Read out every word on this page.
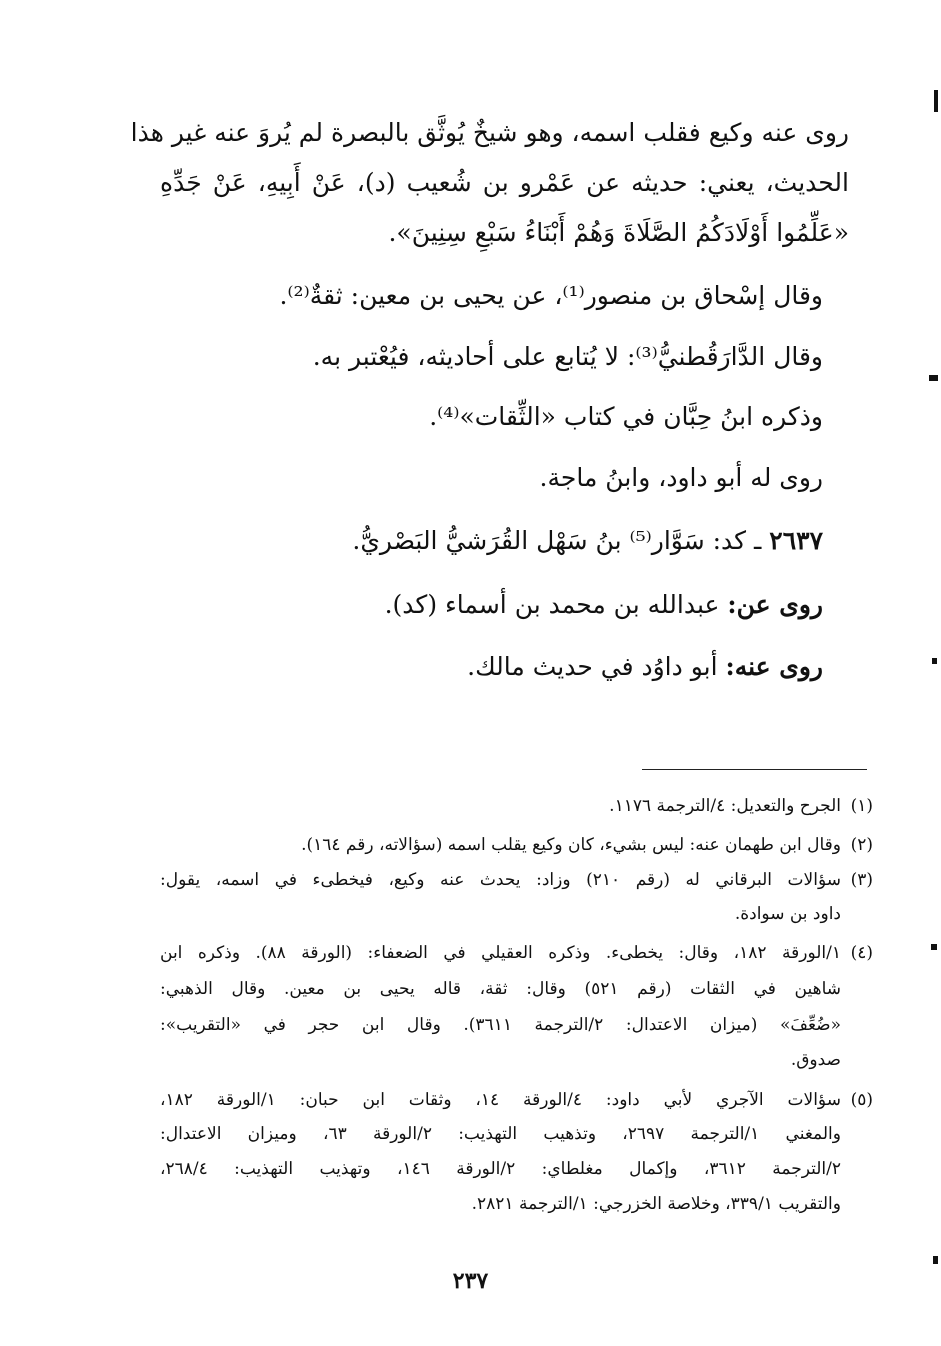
روى عنه وكيع فقلب اسمه، وهو شيخٌ يُوثَّق بالبصرة لم يُروَ عنه غير هذا
الحديث، يعني: حديثه عن عَمْرو بن شُعيب (د)، عَنْ أَبِيهِ، عَنْ جَدِّهِ
«عَلِّمُوا أَوْلَادَكُمُ الصَّلَاةَ وَهُمْ أَبْنَاءُ سَبْعِ سِنِينَ».
وقال إسْحاق بن منصور⁽¹⁾، عن يحيى بن معين: ثقةٌ⁽²⁾.
وقال الدَّارَقُطنيُّ⁽³⁾: لا يُتابع على أحاديثه، فيُعْتبر به.
وذكره ابنُ حِبَّان في كتاب «الثِّقات»⁽⁴⁾.
روى له أبو داود، وابنُ ماجة.
٢٦٣٧ ـ كد: سَوَّار⁽⁵⁾ بنُ سَهْل القُرَشيُّ البَصْريُّ.
روى عن: عبدالله بن محمد بن أسماء (كد).
روى عنه: أبو داوُد في حديث مالك.
(١)
الجرح والتعديل: ٤/الترجمة ١١٧٦.
(٢)
وقال ابن طهمان عنه: ليس بشيء، كان وكيع يقلب اسمه (سؤالاته، رقم ١٦٤).
(٣)
سؤالات البرقاني له (رقم ٢١٠) وزاد: يحدث عنه وكيع، فيخطىء في اسمه، يقول:
داود بن سوادة.
(٤)
١/الورقة ١٨٢، وقال: يخطىء. وذكره العقيلي في الضعفاء: (الورقة ٨٨). وذكره ابن
شاهين في الثقات (رقم ٥٢١) وقال: ثقة، قاله يحيى بن معين. وقال الذهبي:
«ضُعِّفَ» (ميزان الاعتدال: ٢/الترجمة ٣٦١١). وقال ابن حجر في «التقريب»:
صدوق.
(٥)
سؤالات الآجري لأبي داود: ٤/الورقة ١٤، وثقات ابن حبان: ١/الورقة ١٨٢،
والمغني ١/الترجمة ٢٦٩٧، وتذهيب التهذيب: ٢/الورقة ٦٣، وميزان الاعتدال:
٢/الترجمة ٣٦١٢، وإكمال مغلطاي: ٢/الورقة ١٤٦، وتهذيب التهذيب: ٢٦٨/٤،
والتقريب ٣٣٩/١، وخلاصة الخزرجي: ١/الترجمة ٢٨٢١.
٢٣٧
